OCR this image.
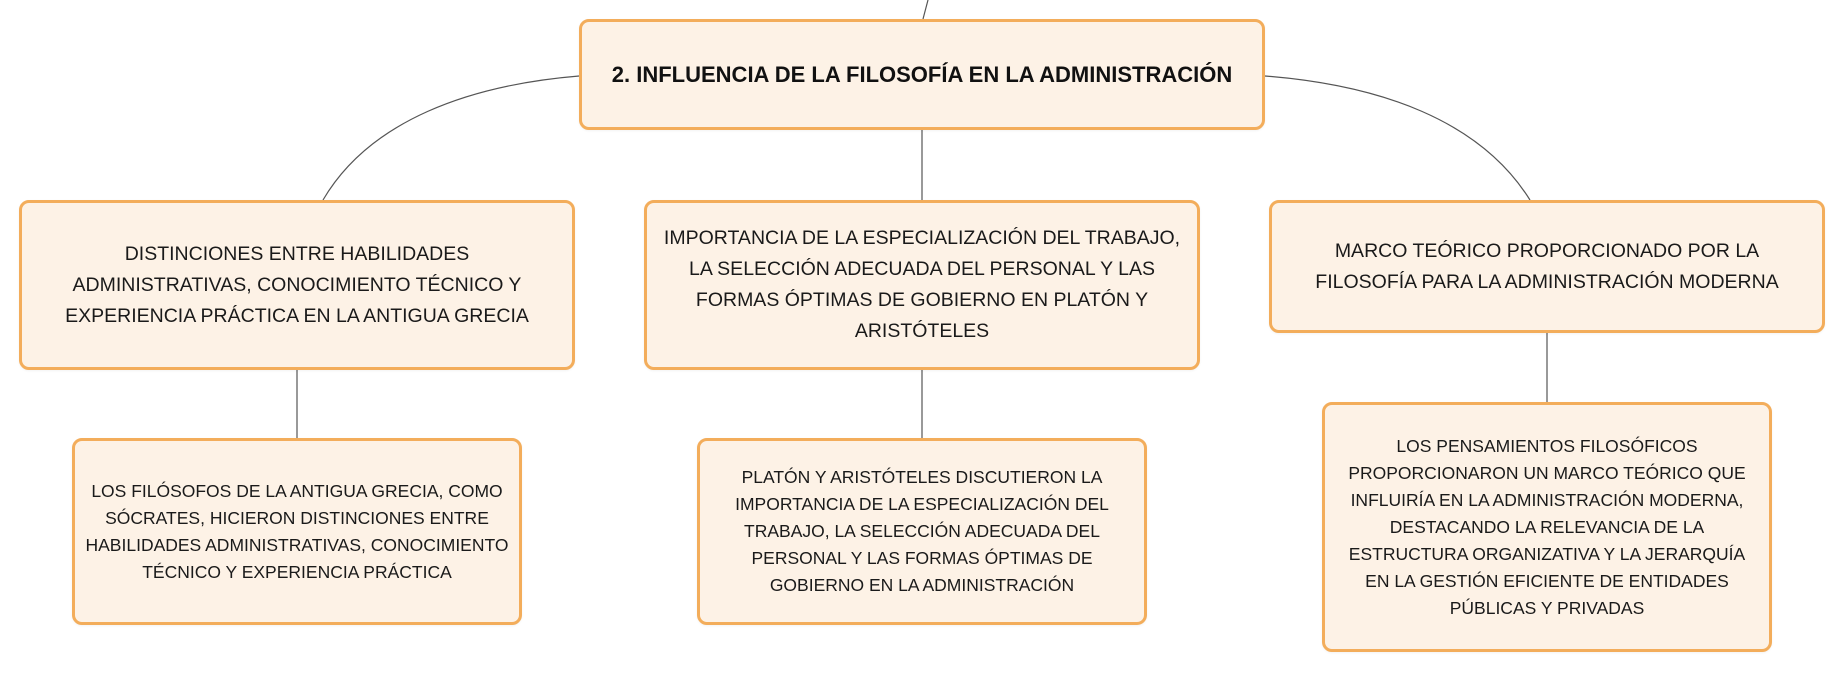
2. INFLUENCIA DE LA FILOSOFÍA EN LA ADMINISTRACIÓN
DISTINCIONES ENTRE HABILIDADES ADMINISTRATIVAS, CONOCIMIENTO TÉCNICO Y EXPERIENCIA PRÁCTICA EN LA ANTIGUA GRECIA
IMPORTANCIA DE LA ESPECIALIZACIÓN DEL TRABAJO, LA SELECCIÓN ADECUADA DEL PERSONAL Y LAS FORMAS ÓPTIMAS DE GOBIERNO EN PLATÓN Y ARISTÓTELES
MARCO TEÓRICO PROPORCIONADO POR LA FILOSOFÍA PARA LA ADMINISTRACIÓN MODERNA
LOS FILÓSOFOS DE LA ANTIGUA GRECIA, COMO SÓCRATES, HICIERON DISTINCIONES ENTRE HABILIDADES ADMINISTRATIVAS, CONOCIMIENTO TÉCNICO Y EXPERIENCIA PRÁCTICA
PLATÓN Y ARISTÓTELES DISCUTIERON LA IMPORTANCIA DE LA ESPECIALIZACIÓN DEL TRABAJO, LA SELECCIÓN ADECUADA DEL PERSONAL Y LAS FORMAS ÓPTIMAS DE GOBIERNO EN LA ADMINISTRACIÓN
LOS PENSAMIENTOS FILOSÓFICOS PROPORCIONARON UN MARCO TEÓRICO QUE INFLUIRÍA EN LA ADMINISTRACIÓN MODERNA, DESTACANDO LA RELEVANCIA DE LA ESTRUCTURA ORGANIZATIVA Y LA JERARQUÍA EN LA GESTIÓN EFICIENTE DE ENTIDADES PÚBLICAS Y PRIVADAS
